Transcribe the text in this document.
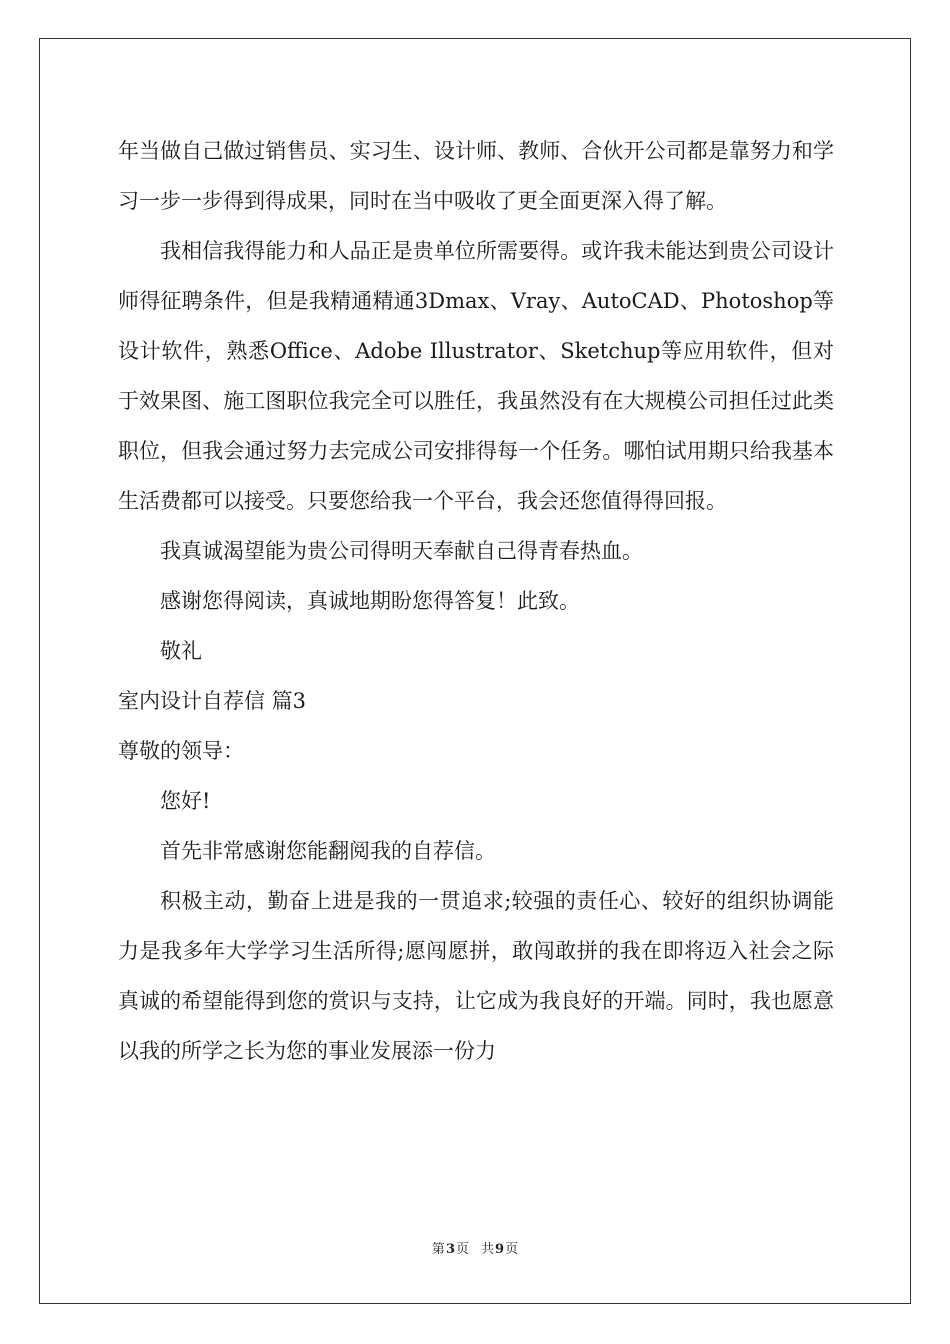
年当做自己做过销售员、实习生、设计师、教师、合伙开公司都是靠努力和学习一步一步得到得成果，同时在当中吸收了更全面更深入得了解。

我相信我得能力和人品正是贵单位所需要得。或许我未能达到贵公司设计师得征聘条件，但是我精通精通3Dmax、Vray、AutoCAD、Photoshop等设计软件，熟悉Office、Adobe Illustrator、Sketchup等应用软件，但对于效果图、施工图职位我完全可以胜任，我虽然没有在大规模公司担任过此类职位，但我会通过努力去完成公司安排得每一个任务。哪怕试用期只给我基本生活费都可以接受。只要您给我一个平台，我会还您值得得回报。

我真诚渴望能为贵公司得明天奉献自己得青春热血。

感谢您得阅读，真诚地期盼您得答复！此致。

敬礼

室内设计自荐信 篇3

尊敬的领导：

您好!

首先非常感谢您能翻阅我的自荐信。

积极主动，勤奋上进是我的一贯追求;较强的责任心、较好的组织协调能力是我多年大学学习生活所得;愿闯愿拼，敢闯敢拼的我在即将迈入社会之际真诚的希望能得到您的赏识与支持，让它成为我良好的开端。同时，我也愿意以我的所学之长为您的事业发展添一份力

第3页 共9页
